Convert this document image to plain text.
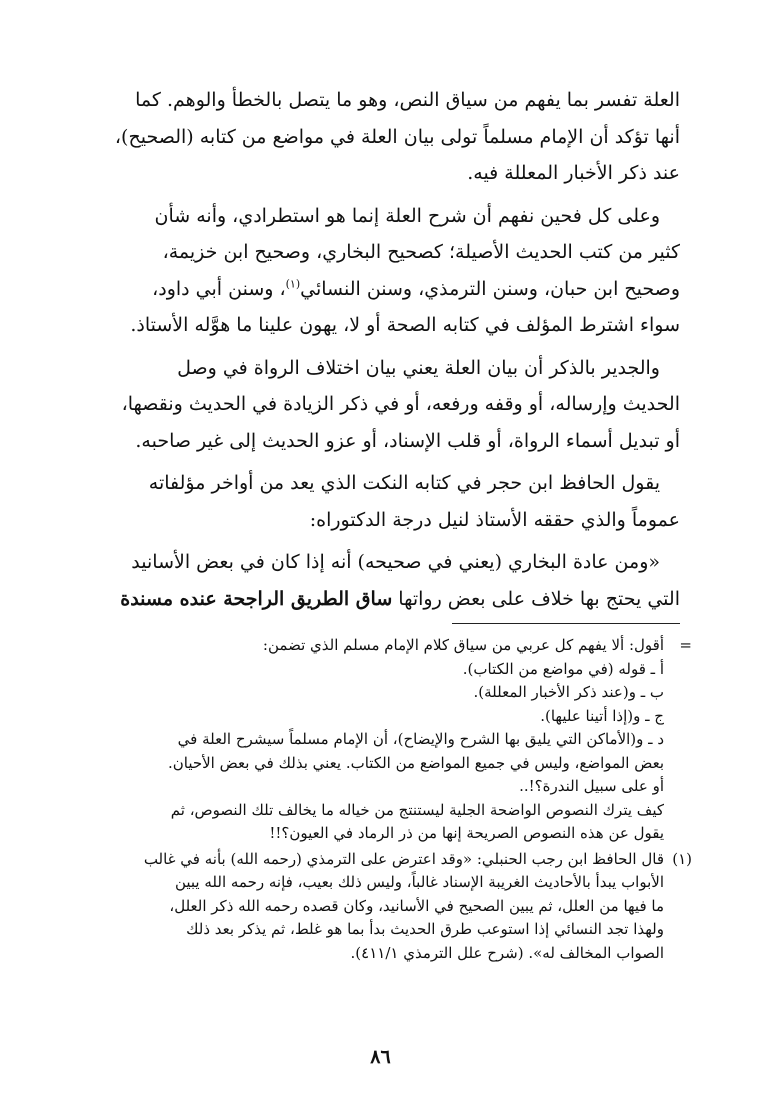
العلة تفسر بما يفهم من سياق النص، وهو ما يتصل بالخطأ والوهم. كما
أنها تؤكد أن الإمام مسلماً تولى بيان العلة في مواضع من كتابه (الصحيح)،
عند ذكر الأخبار المعللة فيه.
وعلى كل فحين نفهم أن شرح العلة إنما هو استطرادي، وأنه شأن
كثير من كتب الحديث الأصيلة؛ كصحيح البخاري، وصحيح ابن خزيمة،
وصحيح ابن حبان، وسنن الترمذي، وسنن النسائي$^{(١)}$، وسنن أبي داود،
سواء اشترط المؤلف في كتابه الصحة أو لا، يهون علينا ما هوَّله الأستاذ.
والجدير بالذكر أن بيان العلة يعني بيان اختلاف الرواة في وصل
الحديث وإرساله، أو وقفه ورفعه، أو في ذكر الزيادة في الحديث ونقصها،
أو تبديل أسماء الرواة، أو قلب الإسناد، أو عزو الحديث إلى غير صاحبه.
يقول الحافظ ابن حجر في كتابه النكت الذي يعد من أواخر مؤلفاته
عموماً والذي حققه الأستاذ لنيل درجة الدكتوراه:
«ومن عادة البخاري (يعني في صحيحه) أنه إذا كان في بعض الأسانيد
التي يحتج بها خلاف على بعض رواتها ساق الطريق الراجحة عنده مسندة
=
أقول: ألا يفهم كل عربي من سياق كلام الإمام مسلم الذي تضمن:
أ ـ قوله (في مواضع من الكتاب).
ب ـ و(عند ذكر الأخبار المعللة).
ج ـ و(إذا أتينا عليها).
د ـ و(الأماكن التي يليق بها الشرح والإيضاح)، أن الإمام مسلماً سيشرح العلة في
بعض المواضع، وليس في جميع المواضع من الكتاب. يعني بذلك في بعض الأحيان.
أو على سبيل الندرة؟!..
كيف يترك النصوص الواضحة الجلية ليستنتج من خياله ما يخالف تلك النصوص، ثم
يقول عن هذه النصوص الصريحة إنها من ذر الرماد في العيون؟!!
(١)
قال الحافظ ابن رجب الحنبلي: «وقد اعترض على الترمذي (رحمه الله) بأنه في غالب
الأبواب يبدأ بالأحاديث الغريبة الإسناد غالباً، وليس ذلك بعيب، فإنه رحمه الله يبين
ما فيها من العلل، ثم يبين الصحيح في الأسانيد، وكان قصده رحمه الله ذكر العلل،
ولهذا تجد النسائي إذا استوعب طرق الحديث بدأ بما هو غلط، ثم يذكر بعد ذلك
الصواب المخالف له». (شرح علل الترمذي ٤١١/١).
٨٦
